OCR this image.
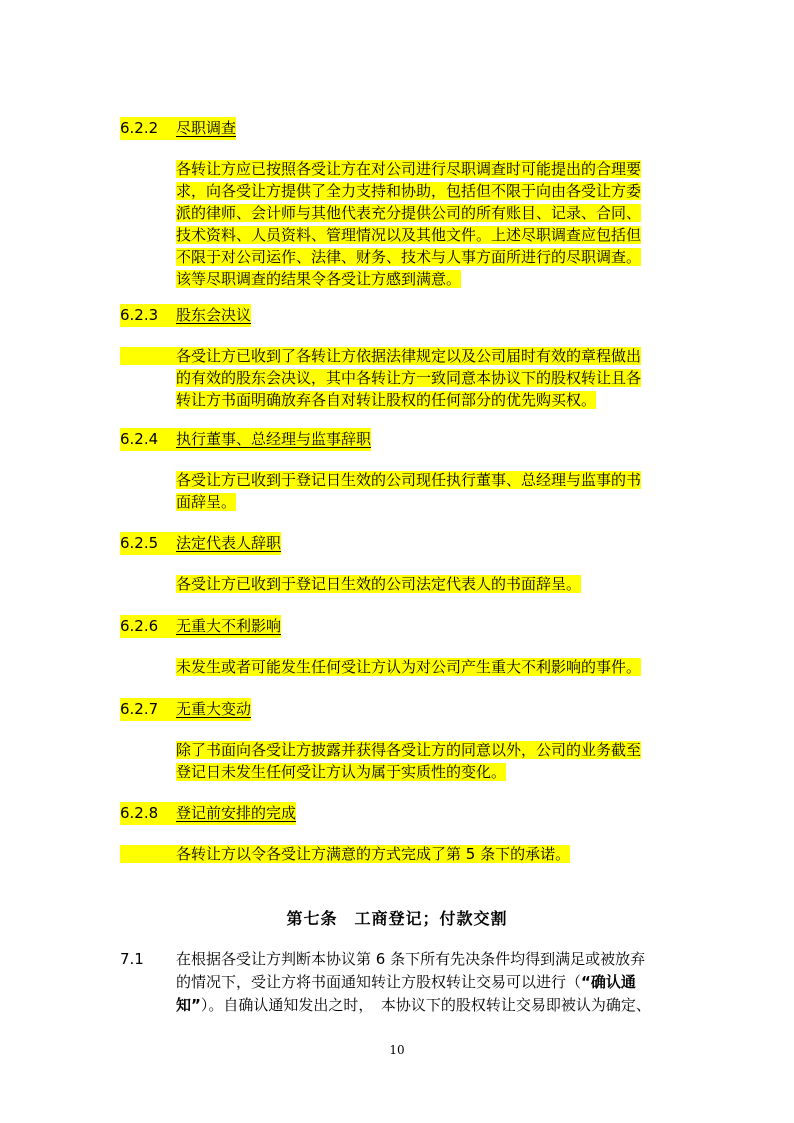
6.2.2 尽职调查
各转让方应已按照各受让方在对公司进行尽职调查时可能提出的合理要
求，向各受让方提供了全力支持和协助，包括但不限于向由各受让方委
派的律师、会计师与其他代表充分提供公司的所有账目、记录、合同、
技术资料、人员资料、管理情况以及其他文件。上述尽职调查应包括但
不限于对公司运作、法律、财务、技术与人事方面所进行的尽职调查。
该等尽职调查的结果令各受让方感到满意。
6.2.3 股东会决议
各受让方已收到了各转让方依据法律规定以及公司届时有效的章程做出
的有效的股东会决议，其中各转让方一致同意本协议下的股权转让且各
转让方书面明确放弃各自对转让股权的任何部分的优先购买权。
6.2.4 执行董事、总经理与监事辞职
各受让方已收到于登记日生效的公司现任执行董事、总经理与监事的书
面辞呈。
6.2.5 法定代表人辞职
各受让方已收到于登记日生效的公司法定代表人的书面辞呈。
6.2.6 无重大不利影响
未发生或者可能发生任何受让方认为对公司产生重大不利影响的事件。
6.2.7 无重大变动
除了书面向各受让方披露并获得各受让方的同意以外，公司的业务截至
登记日未发生任何受让方认为属于实质性的变化。
6.2.8 登记前安排的完成
各转让方以令各受让方满意的方式完成了第 5 条下的承诺。
第七条　工商登记；付款交割
7.1 在根据各受让方判断本协议第 6 条下所有先决条件均得到满足或被放弃
的情况下，受让方将书面通知转让方股权转让交易可以进行（“确认通
知”）。自确认通知发出之时，　本协议下的股权转让交易即被认为确定、
10
